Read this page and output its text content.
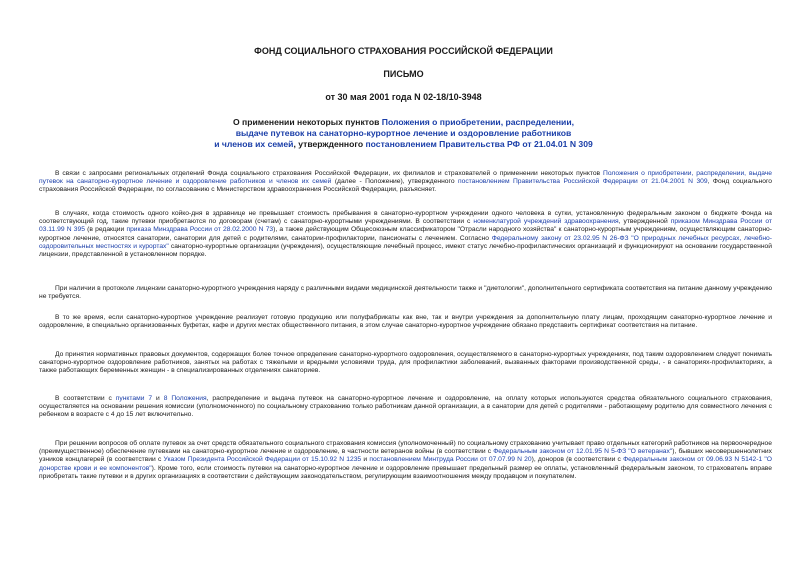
ФОНД СОЦИАЛЬНОГО СТРАХОВАНИЯ РОССИЙСКОЙ ФЕДЕРАЦИИ
ПИСЬМО
от 30 мая 2001 года N 02-18/10-3948
О применении некоторых пунктов Положения о приобретении, распределении,
выдаче путевок на санаторно-курортное лечение и оздоровление работников
и членов их семей, утвержденного постановлением Правительства РФ от 21.04.01 N 309
В связи с запросами региональных отделений Фонда социального страхования Российской Федерации, их филиалов и страхователей о применении некоторых пунктов Положения о приобретении, распределении, выдаче путевок на санаторно-курортное лечение и оздоровление работников и членов их семей (далее - Положение), утвержденного постановлением Правительства Российской Федерации от 21.04.2001 N 309, Фонд социального страхования Российской Федерации, по согласованию с Министерством здравоохранения Российской Федерации, разъясняет.
В случаях, когда стоимость одного койко-дня в здравнице не превышает стоимость пребывания в санаторно-курортном учреждении одного человека в сутки, установленную федеральным законом о бюджете Фонда на соответствующий год, такие путевки приобретаются по договорам (счетам) с санаторно-курортными учреждениями. В соответствии с номенклатурой учреждений здравоохранения, утвержденной приказом Минздрава России от 03.11.99 N 395 (в редакции приказа Минздрава России от 28.02.2000 N 73), а также действующим Общесоюзным классификатором "Отрасли народного хозяйства" к санаторно-курортным учреждениям, осуществляющим санаторно-курортное лечение, относятся санатории, санатории для детей с родителями, санатории-профилактории, пансионаты с лечением. Согласно Федеральному закону от 23.02.95 N 26-ФЗ "О природных лечебных ресурсах, лечебно-оздоровительных местностях и курортах" санаторно-курортные организации (учреждения), осуществляющие лечебный процесс, имеют статус лечебно-профилактических организаций и функционируют на основании государственной лицензии, представленной в установленном порядке.
При наличии в протоколе лицензии санаторно-курортного учреждения наряду с различными видами медицинской деятельности также и "диетологии", дополнительного сертификата соответствия на питание данному учреждению не требуется.
В то же время, если санаторно-курортное учреждение реализует готовую продукцию или полуфабрикаты как вне, так и внутри учреждения за дополнительную плату лицам, проходящим санаторно-курортное лечение и оздоровление, в специально организованных буфетах, кафе и других местах общественного питания, в этом случае санаторно-курортное учреждение обязано представить сертификат соответствия на питание.
До принятия нормативных правовых документов, содержащих более точное определение санаторно-курортного оздоровления, осуществляемого в санаторно-курортных учреждениях, под таким оздоровлением следует понимать санаторно-курортное оздоровление работников, занятых на работах с тяжелыми и вредными условиями труда, для профилактики заболеваний, вызванных факторами производственной среды, - в санаториях-профилакториях, а также работающих беременных женщин - в специализированных отделениях санаториев.
В соответствии с пунктами 7 и 8 Положения, распределение и выдача путевок на санаторно-курортное лечение и оздоровление, на оплату которых используются средства обязательного социального страхования, осуществляется на основании решения комиссии (уполномоченного) по социальному страхованию только работникам данной организации, а в санатории для детей с родителями - работающему родителю для совместного лечения с ребенком в возрасте с 4 до 15 лет включительно.
При решении вопросов об оплате путевок за счет средств обязательного социального страхования комиссия (уполномоченный) по социальному страхованию учитывает право отдельных категорий работников на первоочередное (преимущественное) обеспечение путевками на санаторно-курортное лечение и оздоровление, в частности ветеранов войны (в соответствии с Федеральным законом от 12.01.95 N 5-ФЗ "О ветеранах"), бывших несовершеннолетних узников концлагерей (в соответствии с Указом Президента Российской Федерации от 15.10.92 N 1235 и постановлением Минтруда России от 07.07.99 N 20), доноров (в соответствии с Федеральным законом от 09.06.93 N 5142-1 "О донорстве крови и ее компонентов"). Кроме того, если стоимость путевки на санаторно-курортное лечение и оздоровление превышает предельный размер ее оплаты, установленный федеральным законом, то страхователь вправе приобретать такие путевки и в других организациях в соответствии с действующим законодательством, регулирующим взаимоотношения между продавцом и покупателем.
